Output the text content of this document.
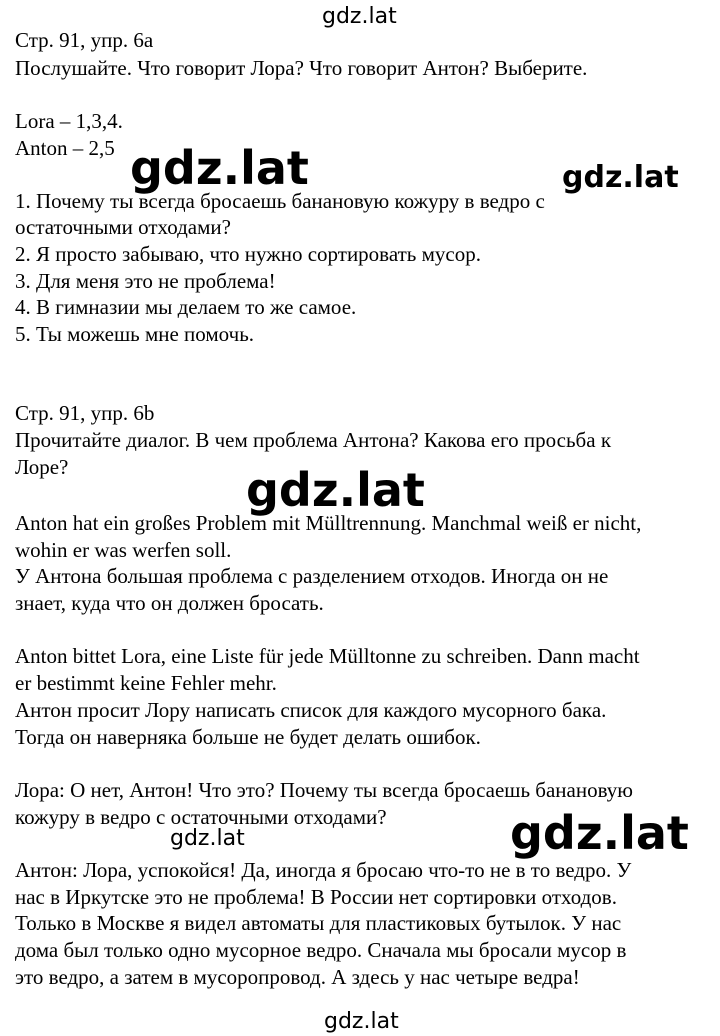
gdz.lat
gdz.lat	gdz.lat
gdz.lat
gdz.lat	gdz.lat
gdz.lat

Стр. 91, упр. 6a

Послушайте. Что говорит Лора? Что говорит Антон? Выберите.

Lora – 1,3,4.

Anton – 2,5

1. Почему ты всегда бросаешь банановую кожуру в ведро с

остаточными отходами?

2. Я просто забываю, что нужно сортировать мусор.

3. Для меня это не проблема!

4. В гимназии мы делаем то же самое.

5. Ты можешь мне помочь.

Стр. 91, упр. 6b

Прочитайте диалог. В чем проблема Антона? Какова его просьба к

Лоре?

Anton hat ein großes Problem mit Mülltrennung. Manchmal weiß er nicht,

wohin er was werfen soll.

У Антона большая проблема с разделением отходов. Иногда он не

знает, куда что он должен бросать.

Anton bittet Lora, eine Liste für jede Mülltonne zu schreiben. Dann macht

er bestimmt keine Fehler mehr.

Антон просит Лору написать список для каждого мусорного бака.

Тогда он наверняка больше не будет делать ошибок.

Лора: О нет, Антон! Что это? Почему ты всегда бросаешь банановую

кожуру в ведро с остаточными отходами?

Антон: Лора, успокойся! Да, иногда я бросаю что-то не в то ведро. У

нас в Иркутске это не проблема! В России нет сортировки отходов.

Только в Москве я видел автоматы для пластиковых бутылок. У нас

дома был только одно мусорное ведро. Сначала мы бросали мусор в

это ведро, а затем в мусоропровод. А здесь у нас четыре ведра!
